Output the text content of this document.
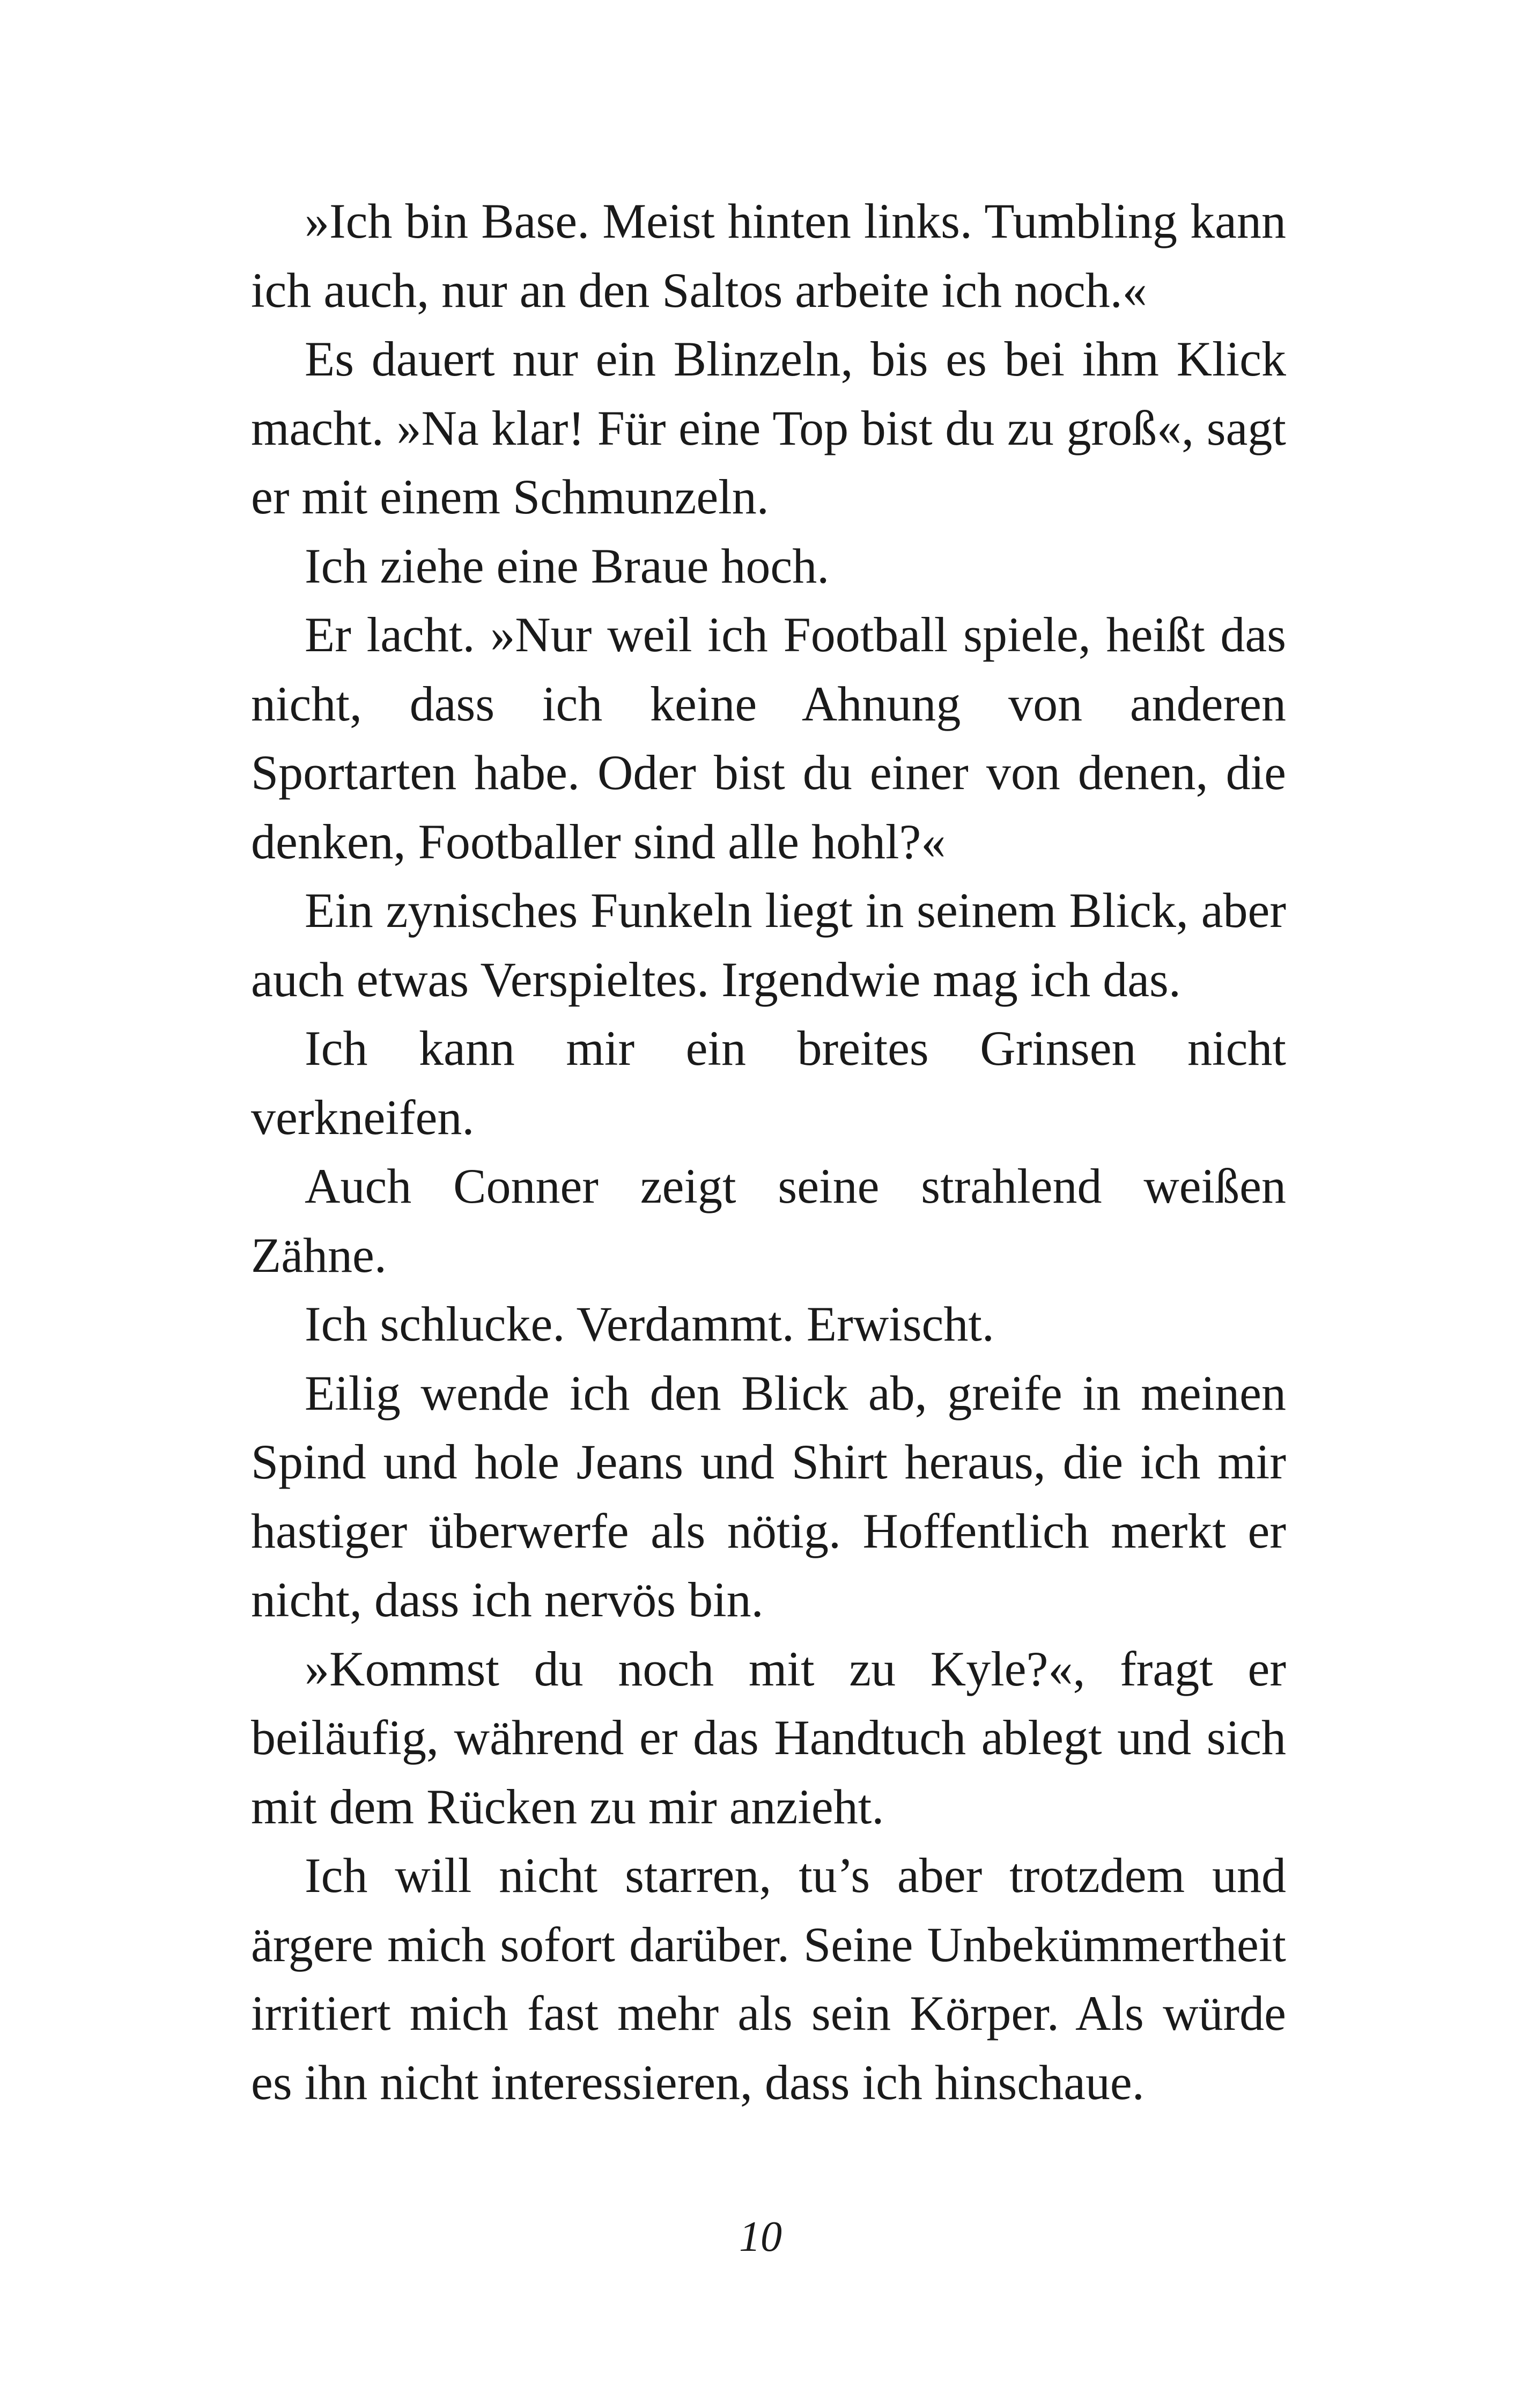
»Ich bin Base. Meist hinten links. Tumbling kann ich auch, nur an den Saltos arbeite ich noch.«

Es dauert nur ein Blinzeln, bis es bei ihm Klick macht. »Na klar! Für eine Top bist du zu groß«, sagt er mit einem Schmunzeln.

Ich ziehe eine Braue hoch.

Er lacht. »Nur weil ich Football spiele, heißt das nicht, dass ich keine Ahnung von anderen Sportarten habe. Oder bist du einer von denen, die denken, Footballer sind alle hohl?«

Ein zynisches Funkeln liegt in seinem Blick, aber auch etwas Verspieltes. Irgendwie mag ich das.

Ich kann mir ein breites Grinsen nicht verkneifen.

Auch Conner zeigt seine strahlend weißen Zähne.

Ich schlucke. Verdammt. Erwischt.

Eilig wende ich den Blick ab, greife in meinen Spind und hole Jeans und Shirt heraus, die ich mir hastiger überwerfe als nötig. Hoffentlich merkt er nicht, dass ich nervös bin.

»Kommst du noch mit zu Kyle?«, fragt er beiläufig, während er das Handtuch ablegt und sich mit dem Rücken zu mir anzieht.

Ich will nicht starren, tu’s aber trotzdem und ärgere mich sofort darüber. Seine Unbekümmertheit irritiert mich fast mehr als sein Körper. Als würde es ihn nicht interessieren, dass ich hinschaue.

10
